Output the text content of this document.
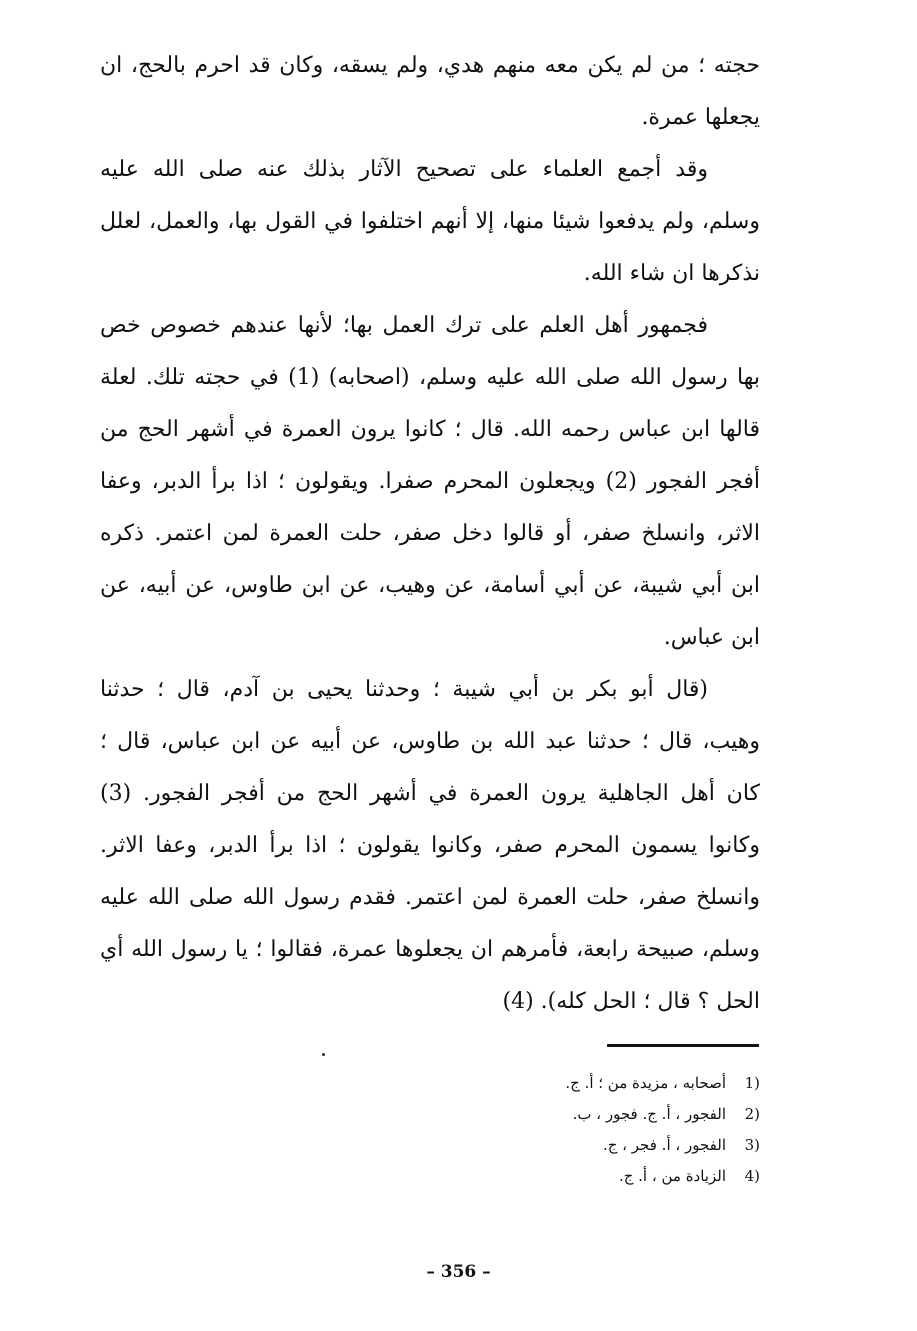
حجته ؛ من لم يكن معه منهم هدي، ولم يسقه، وكان قد احرم بالحج، ان
يجعلها عمرة.
وقد أجمع العلماء على تصحيح الآثار بذلك عنه صلى الله عليه
وسلم، ولم يدفعوا شيئا منها، إلا أنهم اختلفوا في القول بها، والعمل، لعلل
نذكرها ان شاء الله.
فجمهور أهل العلم على ترك العمل بها؛ لأنها عندهم خصوص خص
بها رسول الله صلى الله عليه وسلم، (اصحابه) (1) في حجته تلك. لعلة
قالها ابن عباس رحمه الله. قال ؛ كانوا يرون العمرة في أشهر الحج من
أفجر الفجور (2) ويجعلون المحرم صفرا. ويقولون ؛ اذا برأ الدبر، وعفا
الاثر، وانسلخ صفر، أو قالوا دخل صفر، حلت العمرة لمن اعتمر. ذكره
ابن أبي شيبة، عن أبي أسامة، عن وهيب، عن ابن طاوس، عن أبيه، عن
ابن عباس.
(قال أبو بكر بن أبي شيبة ؛ وحدثنا يحيى بن آدم، قال ؛ حدثنا
وهيب، قال ؛ حدثنا عبد الله بن طاوس، عن أبيه عن ابن عباس، قال ؛
كان أهل الجاهلية يرون العمرة في أشهر الحج من أفجر الفجور. (3)
وكانوا يسمون المحرم صفر، وكانوا يقولون ؛ اذا برأ الدبر، وعفا الاثر.
وانسلخ صفر، حلت العمرة لمن اعتمر. فقدم رسول الله صلى الله عليه
وسلم، صبيحة رابعة، فأمرهم ان يجعلوها عمرة، فقالوا ؛ يا رسول الله أي
الحل ؟ قال ؛ الحل كله). (4)
(1
أصحابه ، مزيدة من ؛ أ. ج.
(2
الفجور ، أ. ج. فجور ، ب.
(3
الفجور ، أ. فجر ، ج.
(4
الزيادة من ، أ. ج.
– 356 –
